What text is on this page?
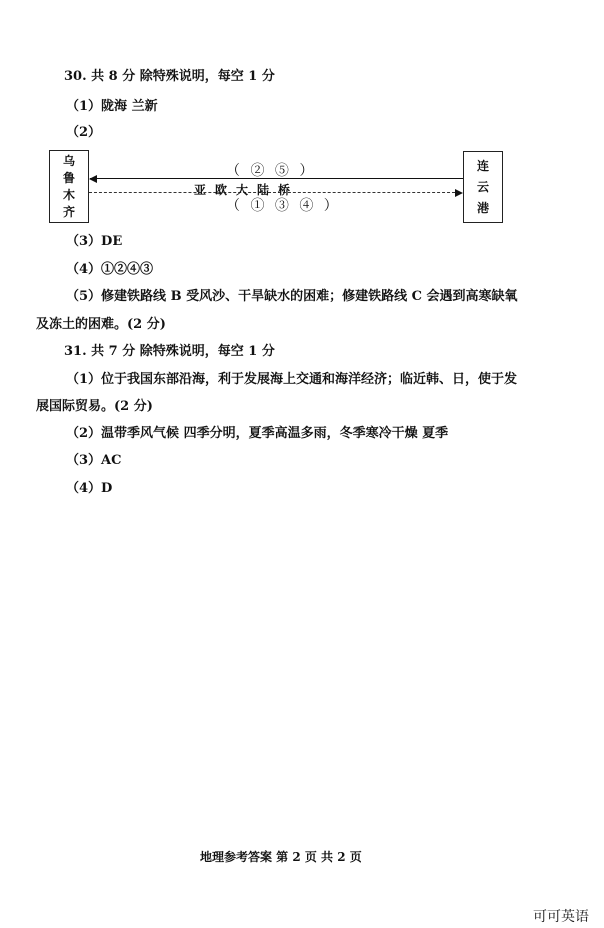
30. 共 8 分 除特殊说明，每空 1 分
（1）陇海 兰新
（2）
乌
鲁
木
齐
连
云
港
（ ② ⑤ ）
亚欧大陆桥
（ ① ③ ④ ）
（3）DE
（4）①②④③
（5）修建铁路线 B 受风沙、干旱缺水的困难；修建铁路线 C 会遇到高寒缺氧
及冻土的困难。(2 分)
31. 共 7 分 除特殊说明，每空 1 分
（1）位于我国东部沿海，利于发展海上交通和海洋经济；临近韩、日，使于发
展国际贸易。(2 分)
（2）温带季风气候 四季分明，夏季高温多雨，冬季寒冷干燥 夏季
（3）AC
（4）D
地理参考答案 第 2 页 共 2 页
可可英语
